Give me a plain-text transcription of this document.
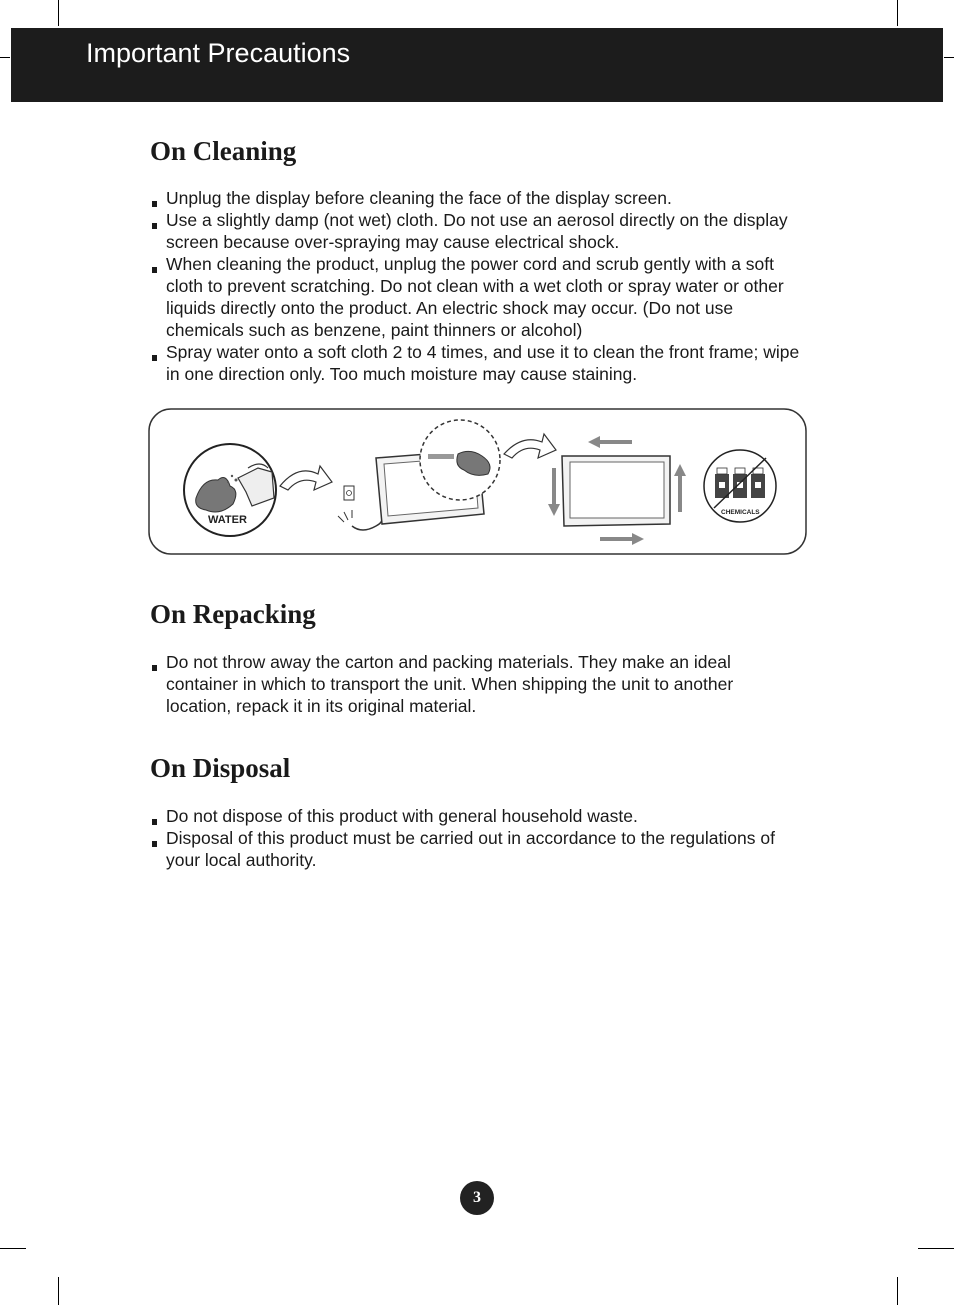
Important Precautions
On Cleaning
Unplug the display before cleaning the face of the display screen.
Use a slightly damp (not wet) cloth. Do not use an aerosol directly on the display screen because over-spraying may cause electrical shock.
When cleaning the product, unplug the power cord and scrub gently with a soft cloth to prevent scratching. Do not clean with a wet cloth or spray water or other liquids directly onto the product. An electric shock may occur. (Do not use chemicals such as benzene, paint thinners or alcohol)
Spray water onto a soft cloth 2 to 4 times, and use it to clean the front frame; wipe in one direction only. Too much moisture may cause staining.
WATER
CHEMICALS
On Repacking
Do not throw away the carton and packing materials. They make an ideal container in which to transport the unit. When shipping the unit to another location, repack it in its original material.
On Disposal
Do not dispose of this product with general household waste.
Disposal of this product must be carried out in accordance to the regulations of your local authority.
3
